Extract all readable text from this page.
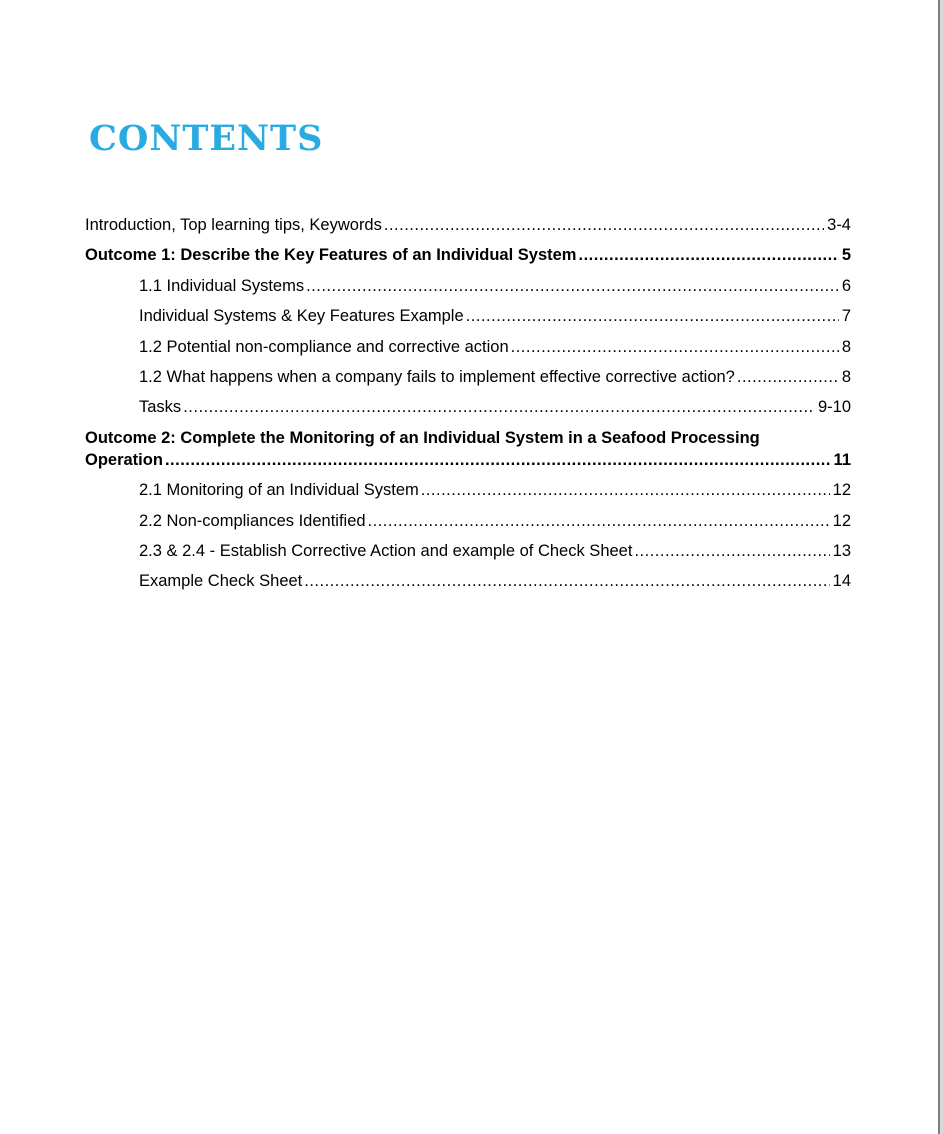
CONTENTS
Introduction, Top learning tips, Keywords .....	3-4
Outcome 1: Describe the Key Features of an Individual System .....	5
1.1 Individual Systems .....	6
Individual Systems & Key Features Example .....	7
1.2 Potential non-compliance and corrective action .....	8
1.2 What happens when a company fails to implement effective corrective action? .....	8
Tasks .....	9-10
Outcome 2: Complete the Monitoring of an Individual System in a Seafood Processing
Operation .....	11
2.1 Monitoring of an Individual System .....	12
2.2 Non-compliances Identified .....	12
2.3 & 2.4 - Establish Corrective Action and example of Check Sheet .....	13
Example Check Sheet .....	14
